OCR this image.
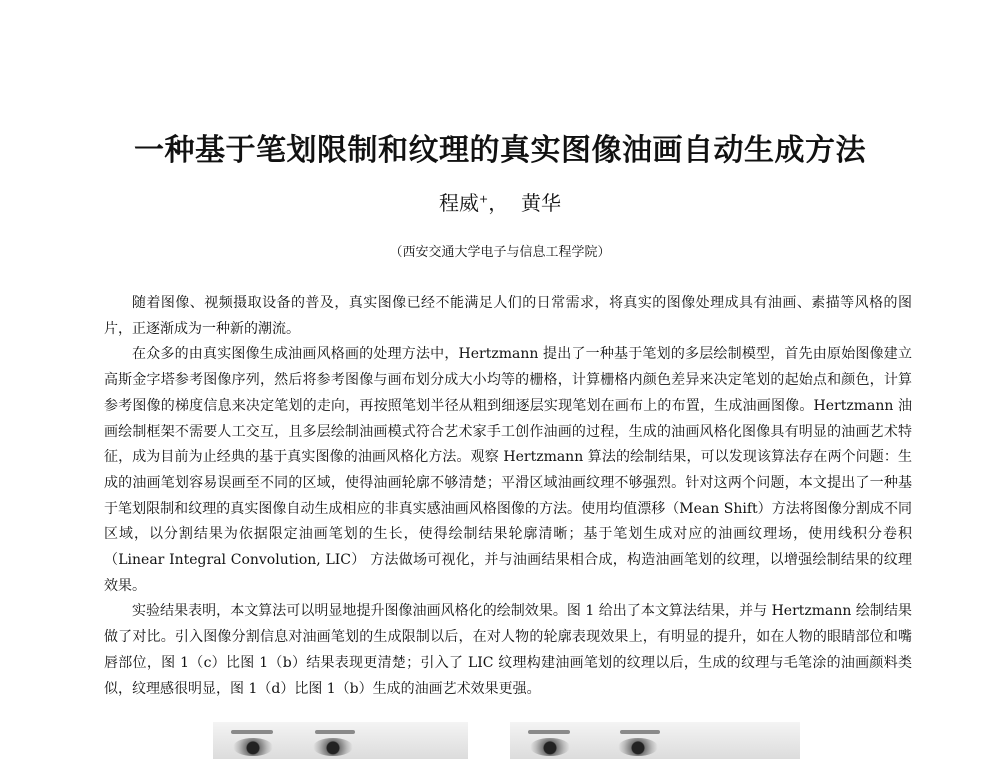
一种基于笔划限制和纹理的真实图像油画自动生成方法
程威+， 黄华
（西安交通大学电子与信息工程学院）

随着图像、视频摄取设备的普及，真实图像已经不能满足人们的日常需求，将真实的图像处理成具有油画、素描等风格的图片，正逐渐成为一种新的潮流。

在众多的由真实图像生成油画风格画的处理方法中，Hertzmann 提出了一种基于笔划的多层绘制模型，首先由原始图像建立高斯金字塔参考图像序列，然后将参考图像与画布划分成大小均等的栅格，计算栅格内颜色差异来决定笔划的起始点和颜色，计算参考图像的梯度信息来决定笔划的走向，再按照笔划半径从粗到细逐层实现笔划在画布上的布置，生成油画图像。Hertzmann 油画绘制框架不需要人工交互，且多层绘制油画模式符合艺术家手工创作油画的过程，生成的油画风格化图像具有明显的油画艺术特征，成为目前为止经典的基于真实图像的油画风格化方法。观察 Hertzmann 算法的绘制结果，可以发现该算法存在两个问题：生成的油画笔划容易误画至不同的区域，使得油画轮廓不够清楚；平滑区域油画纹理不够强烈。针对这两个问题，本文提出了一种基于笔划限制和纹理的真实图像自动生成相应的非真实感油画风格图像的方法。使用均值漂移（Mean Shift）方法将图像分割成不同区域，以分割结果为依据限定油画笔划的生长，使得绘制结果轮廓清晰；基于笔划生成对应的油画纹理场，使用线积分卷积（Linear Integral Convolution, LIC） 方法做场可视化，并与油画结果相合成，构造油画笔划的纹理，以增强绘制结果的纹理效果。

实验结果表明，本文算法可以明显地提升图像油画风格化的绘制效果。图 1 给出了本文算法结果，并与 Hertzmann 绘制结果做了对比。引入图像分割信息对油画笔划的生成限制以后，在对人物的轮廓表现效果上，有明显的提升，如在人物的眼睛部位和嘴唇部位，图 1（c）比图 1（b）结果表现更清楚；引入了 LIC 纹理构建油画笔划的纹理以后，生成的纹理与毛笔涂的油画颜料类似，纹理感很明显，图 1（d）比图 1（b）生成的油画艺术效果更强。
